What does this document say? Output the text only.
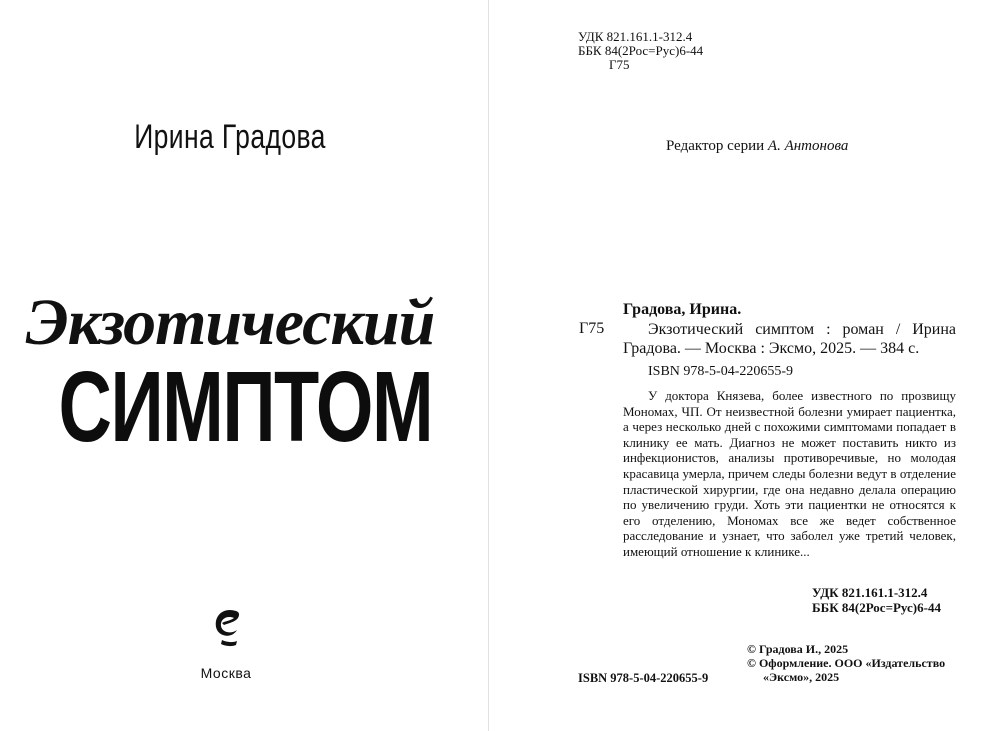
Ирина Градова
Экзотический
СИМПТОМ
Москва
УДК 821.161.1-312.4
ББК 84(2Рос=Рус)6-44
Г75
Редактор серии А. Антонова
Градова, Ирина.
Г75	Экзотический симптом : роман / Ирина Градова. — Москва : Эксмо, 2025. — 384 с.
ISBN 978-5-04-220655-9
У доктора Князева, более известного по прозвищу Мономах, ЧП. От неизвестной болезни умирает пациентка, а через несколько дней с похожими симптомами попадает в клинику ее мать. Диагноз не может поставить никто из инфекционистов, анализы противоречивые, но молодая красавица умерла, причем следы болезни ведут в отделение пластической хирургии, где она недавно делала операцию по увеличению груди. Хоть эти пациентки не относятся к его отделению, Мономах все же ведет собственное расследование и узнает, что заболел уже третий человек, имеющий отношение к клинике...
УДК 821.161.1-312.4
ББК 84(2Рос=Рус)6-44
© Градова И., 2025
© Оформление. ООО «Издательство
«Эксмо», 2025
ISBN 978-5-04-220655-9
